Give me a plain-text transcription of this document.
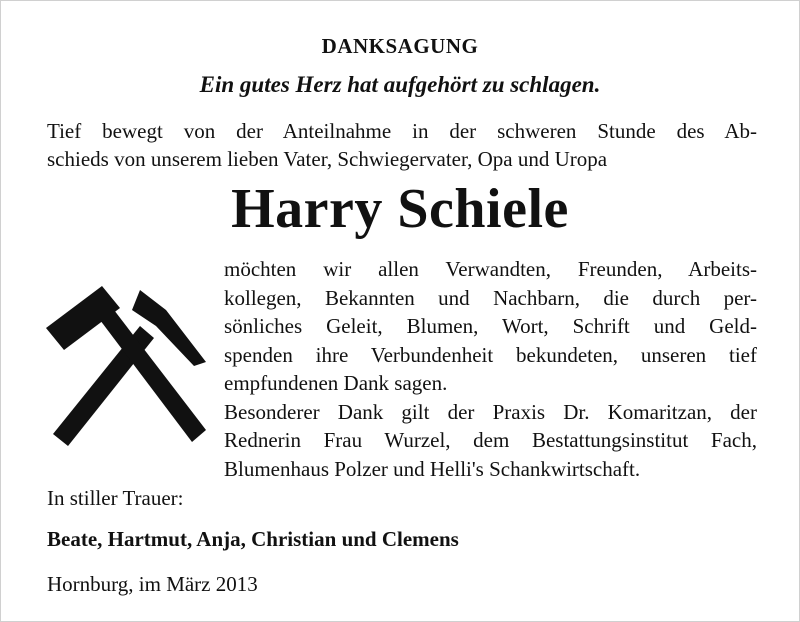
DANKSAGUNG
Ein gutes Herz hat aufgehört zu schlagen.
Tief bewegt von der Anteilnahme in der schweren Stunde des Ab-
schieds von unserem lieben Vater, Schwiegervater, Opa und Uropa
Harry Schiele
möchten wir allen Verwandten, Freunden, Arbeits-
kollegen, Bekannten und Nachbarn, die durch per-
sönliches Geleit, Blumen, Wort, Schrift und Geld-
spenden ihre Verbundenheit bekundeten, unseren tief
empfundenen Dank sagen.
Besonderer Dank gilt der Praxis Dr. Komaritzan, der
Rednerin Frau Wurzel, dem Bestattungsinstitut Fach,
Blumenhaus Polzer und Helli's Schankwirtschaft.
In stiller Trauer:
Beate, Hartmut, Anja, Christian und Clemens
Hornburg, im März 2013
